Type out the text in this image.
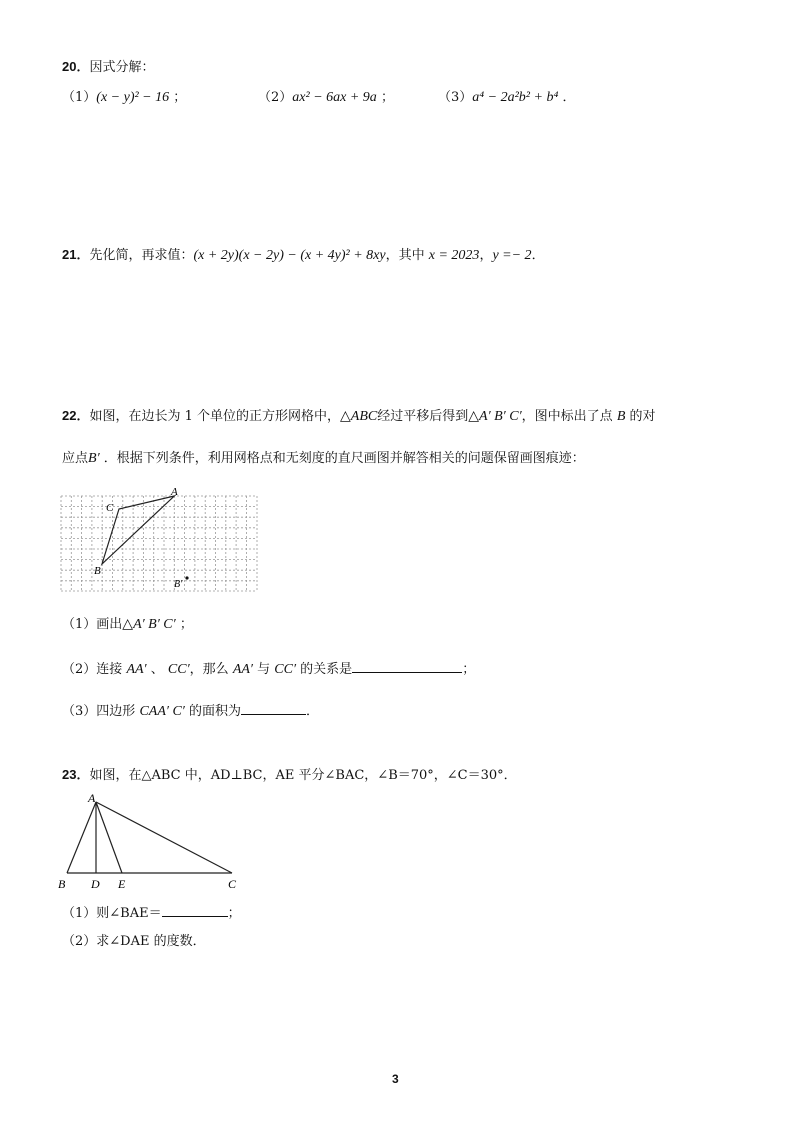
20．因式分解：
（1）(x − y)² − 16 ；	（2）ax² − 6ax + 9a ；	（3）a⁴ − 2a²b² + b⁴ ．
21．先化简，再求值：(x + 2y)(x − 2y) − (x + 4y)² + 8xy，其中 x = 2023，y =− 2．
22．如图，在边长为 1 个单位的正方形网格中，△ABC经过平移后得到△A′ B′ C′，图中标出了点 B 的对
应点B′ ．根据下列条件，利用网格点和无刻度的直尺画图并解答相关的问题保留画图痕迹：
A
C
B
B′
（1）画出△A′ B′ C′ ；
（2）连接 AA′ 、 CC′，那么 AA′ 与 CC′ 的关系是	；
（3）四边形 CAA′ C′ 的面积为	．
23．如图，在△ABC 中，AD⊥BC，AE 平分∠BAC，∠B＝70°，∠C＝30°．
A
B D E	C
（1）则∠BAE＝	；
（2）求∠DAE 的度数．
3
